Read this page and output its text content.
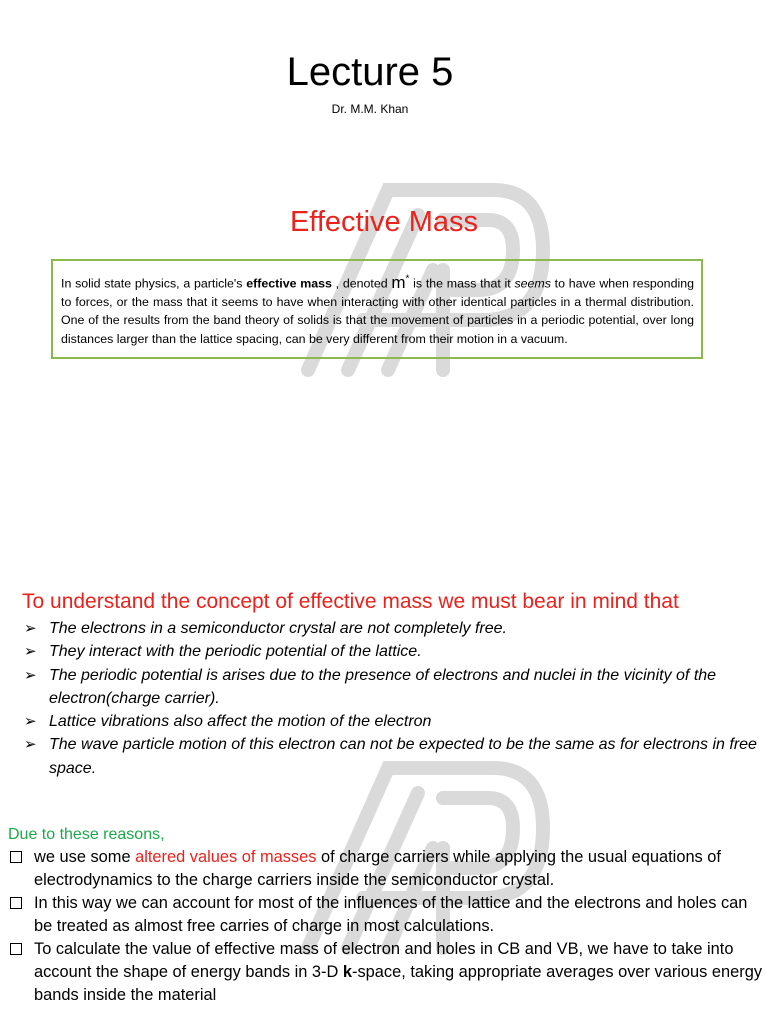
Lecture 5
Dr. M.M. Khan
Effective Mass
In solid state physics, a particle's effective mass , denoted m* is the mass that it seems to have when responding to forces, or the mass that it seems to have when interacting with other identical particles in a thermal distribution. One of the results from the band theory of solids is that the movement of particles in a periodic potential, over long distances larger than the lattice spacing, can be very different from their motion in a vacuum.
To understand the concept of effective mass we must bear in mind that
➢ The electrons in a semiconductor crystal are not completely free.
➢ They interact with the periodic potential of the lattice.
➢ The periodic potential is arises due to the presence of electrons and nuclei in the vicinity of the electron(charge carrier).
➢ Lattice vibrations also affect the motion of the electron
➢ The wave particle motion of this electron can not be expected to be the same as for electrons in free space.
Due to these reasons,
we use some altered values of masses of charge carriers while applying the usual equations of electrodynamics to the charge carriers inside the semiconductor crystal.
In this way we can account for most of the influences of the lattice and the electrons and holes can be treated as almost free carries of charge in most calculations.
To calculate the value of effective mass of electron and holes in CB and VB, we have to take into account the shape of energy bands in 3-D k-space, taking appropriate averages over various energy bands inside the material
